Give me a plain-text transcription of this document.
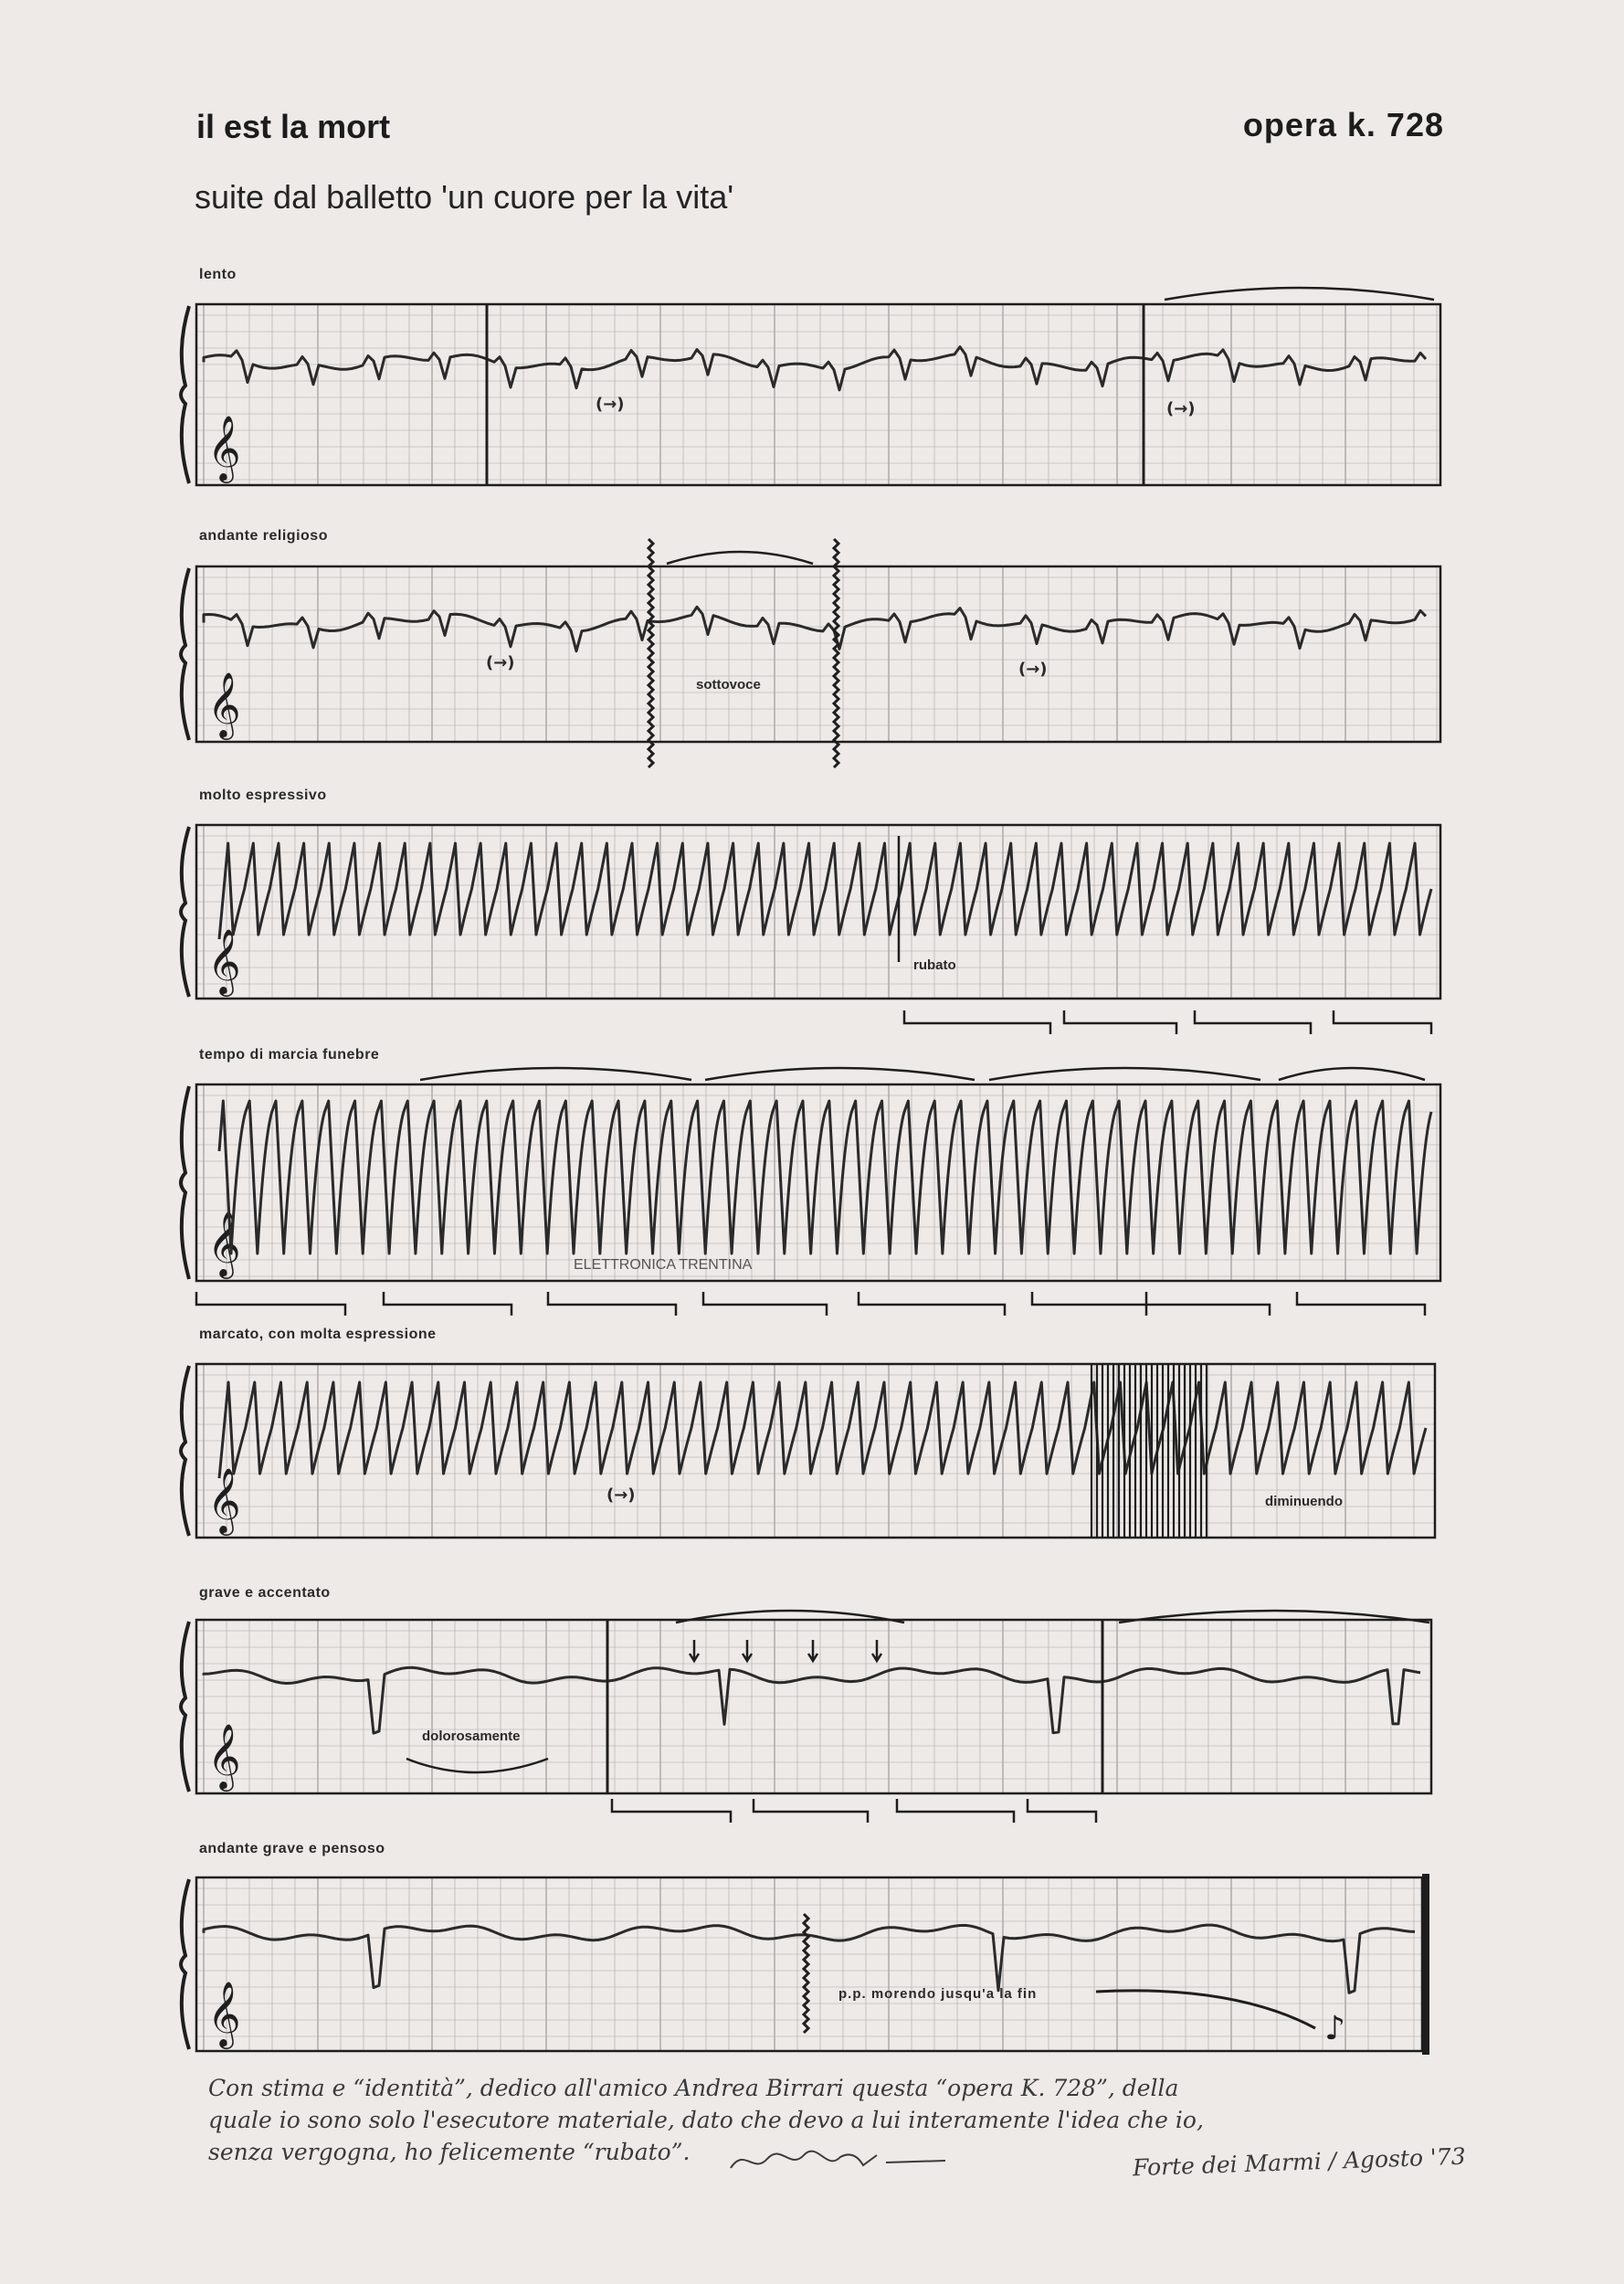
il est la mort	opera k. 728
suite dal balletto 'un cuore per la vita'
lento
andante religioso
molto espressivo
tempo di marcia funebre
marcato, con molta espressione
grave e accentato
andante grave e pensoso
𝄞
𝄞
𝄞
𝄞
𝄞
𝄞
𝄞	♪
(→)	(→)
(→)	(→)
sottovoce
rubato
ELETTRONICA TRENTINA
(→)	diminuendo
dolorosamente
p.p. morendo jusqu'a la fin
Con stima e “identità”, dedico all'amico Andrea Birrari questa “opera K. 728”, della
quale io sono solo l'esecutore materiale, dato che devo a lui interamente l'idea che io,
senza vergogna, ho felicemente “rubato”.	Forte dei Marmi / Agosto '73
